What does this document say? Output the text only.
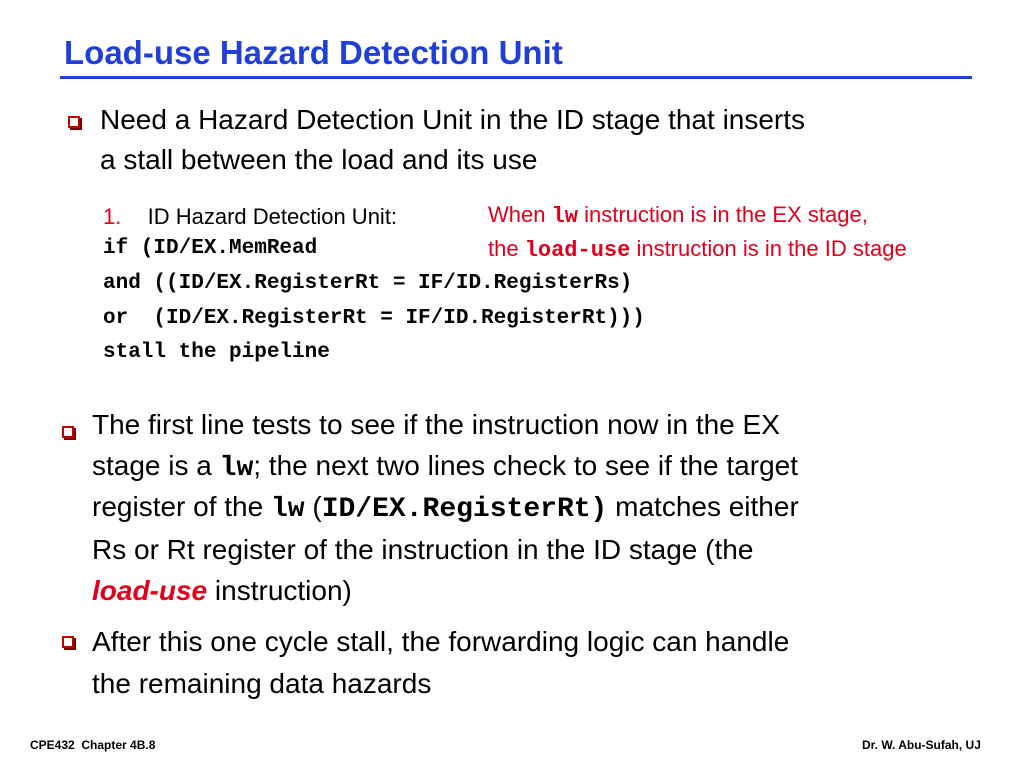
Load-use Hazard Detection Unit
Need a Hazard Detection Unit in the ID stage that inserts
a stall between the load and its use
1. ID Hazard Detection Unit:	When lw instruction is in the EX stage,
the load-use instruction is in the ID stage
if (ID/EX.MemRead
and ((ID/EX.RegisterRt = IF/ID.RegisterRs)
or  (ID/EX.RegisterRt = IF/ID.RegisterRt)))
stall the pipeline
The first line tests to see if the instruction now in the EX
stage is a lw; the next two lines check to see if the target
register of the lw (ID/EX.RegisterRt) matches either
Rs or Rt register of the instruction in the ID stage (the
load-use instruction)
After this one cycle stall, the forwarding logic can handle
the remaining data hazards
CPE432  Chapter 4B.8	Dr. W. Abu-Sufah, UJ
